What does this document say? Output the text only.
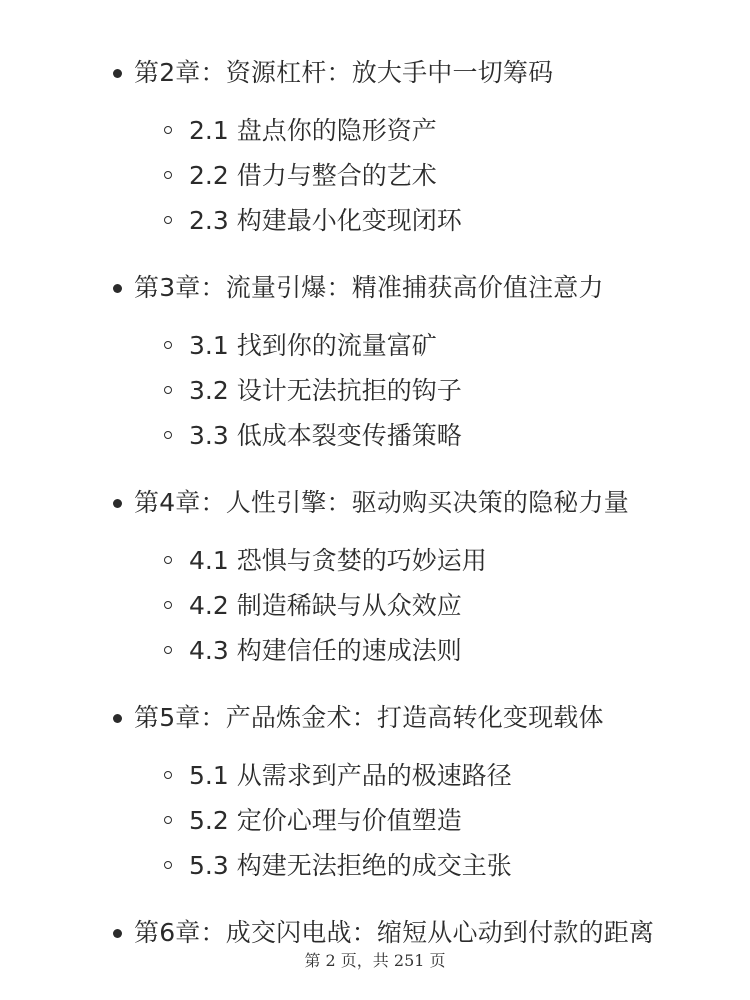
第2章：资源杠杆：放大手中一切筹码
2.1 盘点你的隐形资产
2.2 借力与整合的艺术
2.3 构建最小化变现闭环
第3章：流量引爆：精准捕获高价值注意力
3.1 找到你的流量富矿
3.2 设计无法抗拒的钩子
3.3 低成本裂变传播策略
第4章：人性引擎：驱动购买决策的隐秘力量
4.1 恐惧与贪婪的巧妙运用
4.2 制造稀缺与从众效应
4.3 构建信任的速成法则
第5章：产品炼金术：打造高转化变现载体
5.1 从需求到产品的极速路径
5.2 定价心理与价值塑造
5.3 构建无法拒绝的成交主张
第6章：成交闪电战：缩短从心动到付款的距离
第 2 页，共 251 页
